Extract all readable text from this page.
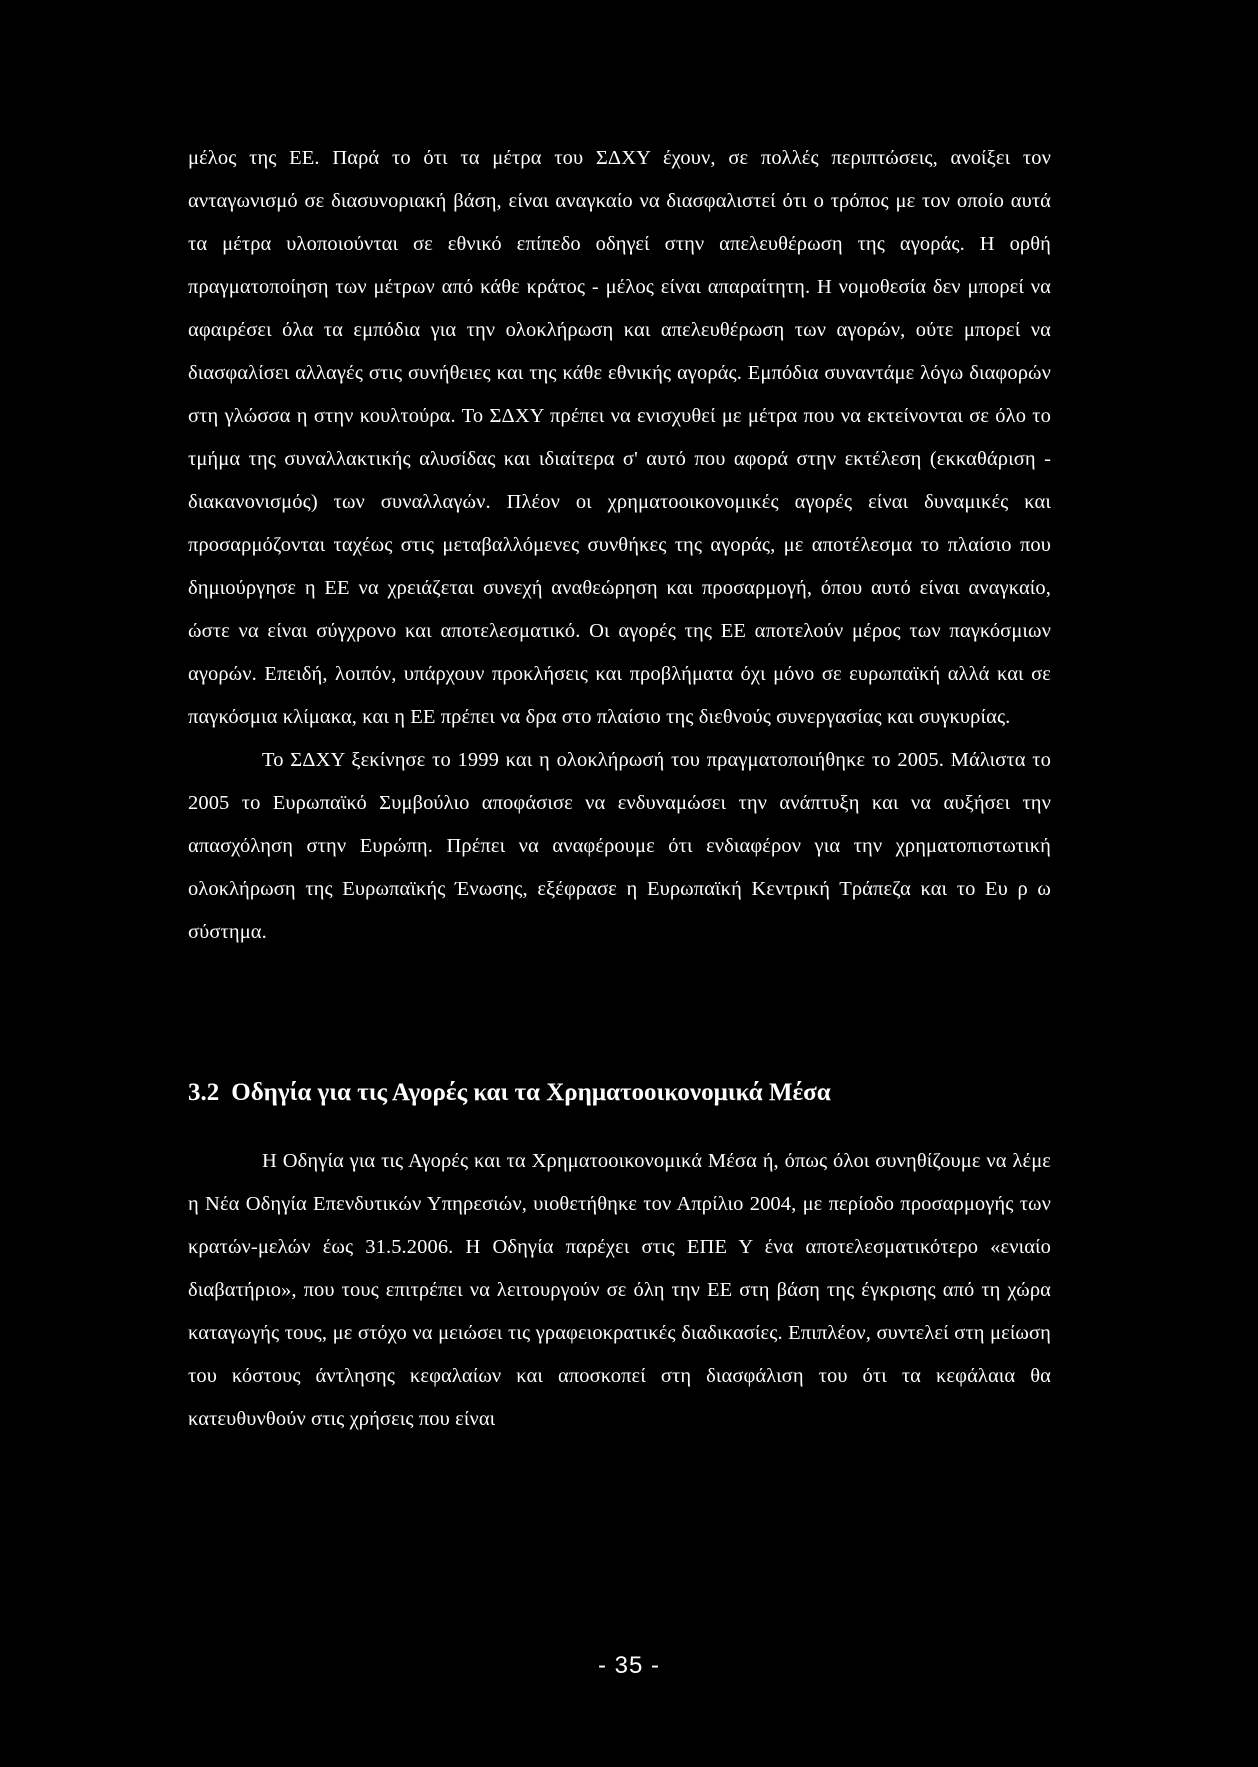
μέλος της ΕΕ. Παρά το ότι τα μέτρα του ΣΔΧΥ έχουν, σε πολλές περιπτώσεις, ανοίξει τον ανταγωνισμό σε διασυνοριακή βάση, είναι αναγκαίο να διασφαλιστεί ότι ο τρόπος με τον οποίο αυτά τα μέτρα υλοποιούνται σε εθνικό επίπεδο οδηγεί στην απελευθέρωση της αγοράς. Η ορθή πραγματοποίηση των μέτρων από κάθε κράτος - μέλος είναι απαραίτητη. Η νομοθεσία δεν μπορεί να αφαιρέσει όλα τα εμπόδια για την ολοκλήρωση και απελευθέρωση των αγορών, ούτε μπορεί να διασφαλίσει αλλαγές στις συνήθειες και της κάθε εθνικής αγοράς. Εμπόδια συναντάμε λόγω διαφορών στη γλώσσα η στην κουλτούρα. Το ΣΔΧΥ πρέπει να ενισχυθεί με μέτρα που να εκτείνονται σε όλο το τμήμα της συναλλακτικής αλυσίδας και ιδιαίτερα σ' αυτό που αφορά στην εκτέλεση (εκκαθάριση - διακανονισμός) των συναλλαγών. Πλέον οι χρηματοοικονομικές αγορές είναι δυναμικές και προσαρμόζονται ταχέως στις μεταβαλλόμενες συνθήκες της αγοράς, με αποτέλεσμα το πλαίσιο που δημιούργησε η ΕΕ να χρειάζεται συνεχή αναθεώρηση και προσαρμογή, όπου αυτό είναι αναγκαίο, ώστε να είναι σύγχρονο και αποτελεσματικό. Οι αγορές της ΕΕ αποτελούν μέρος των παγκόσμιων αγορών. Επειδή, λοιπόν, υπάρχουν προκλήσεις και προβλήματα όχι μόνο σε ευρωπαϊκή αλλά και σε παγκόσμια κλίμακα, και η ΕΕ πρέπει να δρα στο πλαίσιο της διεθνούς συνεργασίας και συγκυρίας.

Το ΣΔΧΥ ξεκίνησε το 1999 και η ολοκλήρωσή του πραγματοποιήθηκε το 2005. Μάλιστα το 2005 το Ευρωπαϊκό Συμβούλιο αποφάσισε να ενδυναμώσει την ανάπτυξη και να αυξήσει την απασχόληση στην Ευρώπη. Πρέπει να αναφέρουμε ότι ενδιαφέρον για την χρηματοπιστωτική ολοκλήρωση της Ευρωπαϊκής Ένωσης, εξέφρασε η Ευρωπαϊκή Κεντρική Τράπεζα και το Ευ ρ ω σύστημα.

3.2 Οδηγία για τις Αγορές και τα Χρηματοοικονομικά Μέσα

Η Οδηγία για τις Αγορές και τα Χρηματοοικονομικά Μέσα ή, όπως όλοι συνηθίζουμε να λέμε η Νέα Οδηγία Επενδυτικών Υπηρεσιών, υιοθετήθηκε τον Απρίλιο 2004, με περίοδο προσαρμογής των κρατών-μελών έως 31.5.2006. Η Οδηγία παρέχει στις ΕΠΕ Υ ένα αποτελεσματικότερο «ενιαίο διαβατήριο», που τους επιτρέπει να λειτουργούν σε όλη την ΕΕ στη βάση της έγκρισης από τη χώρα καταγωγής τους, με στόχο να μειώσει τις γραφειοκρατικές διαδικασίες. Επιπλέον, συντελεί στη μείωση του κόστους άντλησης κεφαλαίων και αποσκοπεί στη διασφάλιση του ότι τα κεφάλαια θα κατευθυνθούν στις χρήσεις που είναι

- 35 -
